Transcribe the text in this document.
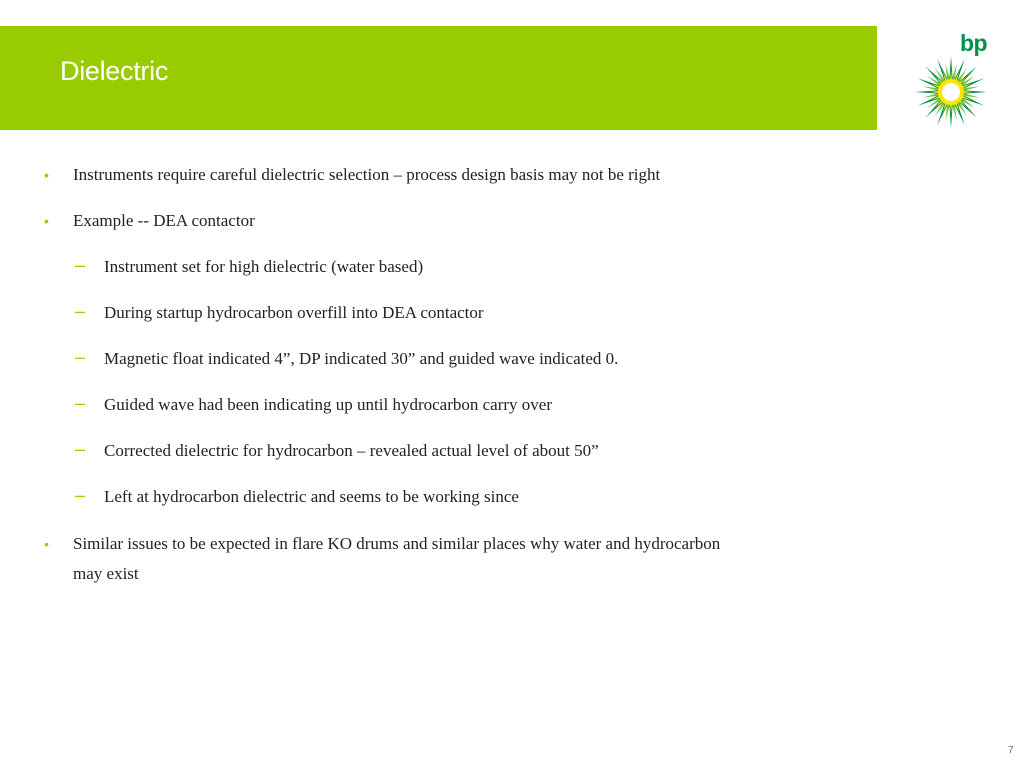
Dielectric
bp
• Instruments require careful dielectric selection – process design basis may not be right
• Example -- DEA contactor
– Instrument set for high dielectric (water based)
– During startup hydrocarbon overfill into DEA contactor
– Magnetic float indicated 4”, DP indicated 30” and guided wave indicated 0.
– Guided wave had been indicating up until hydrocarbon carry over
– Corrected dielectric for hydrocarbon – revealed actual level of about 50”
– Left at hydrocarbon dielectric and seems to be working since
• Similar issues to be expected in flare KO drums and similar places why water and hydrocarbon
may exist
7
